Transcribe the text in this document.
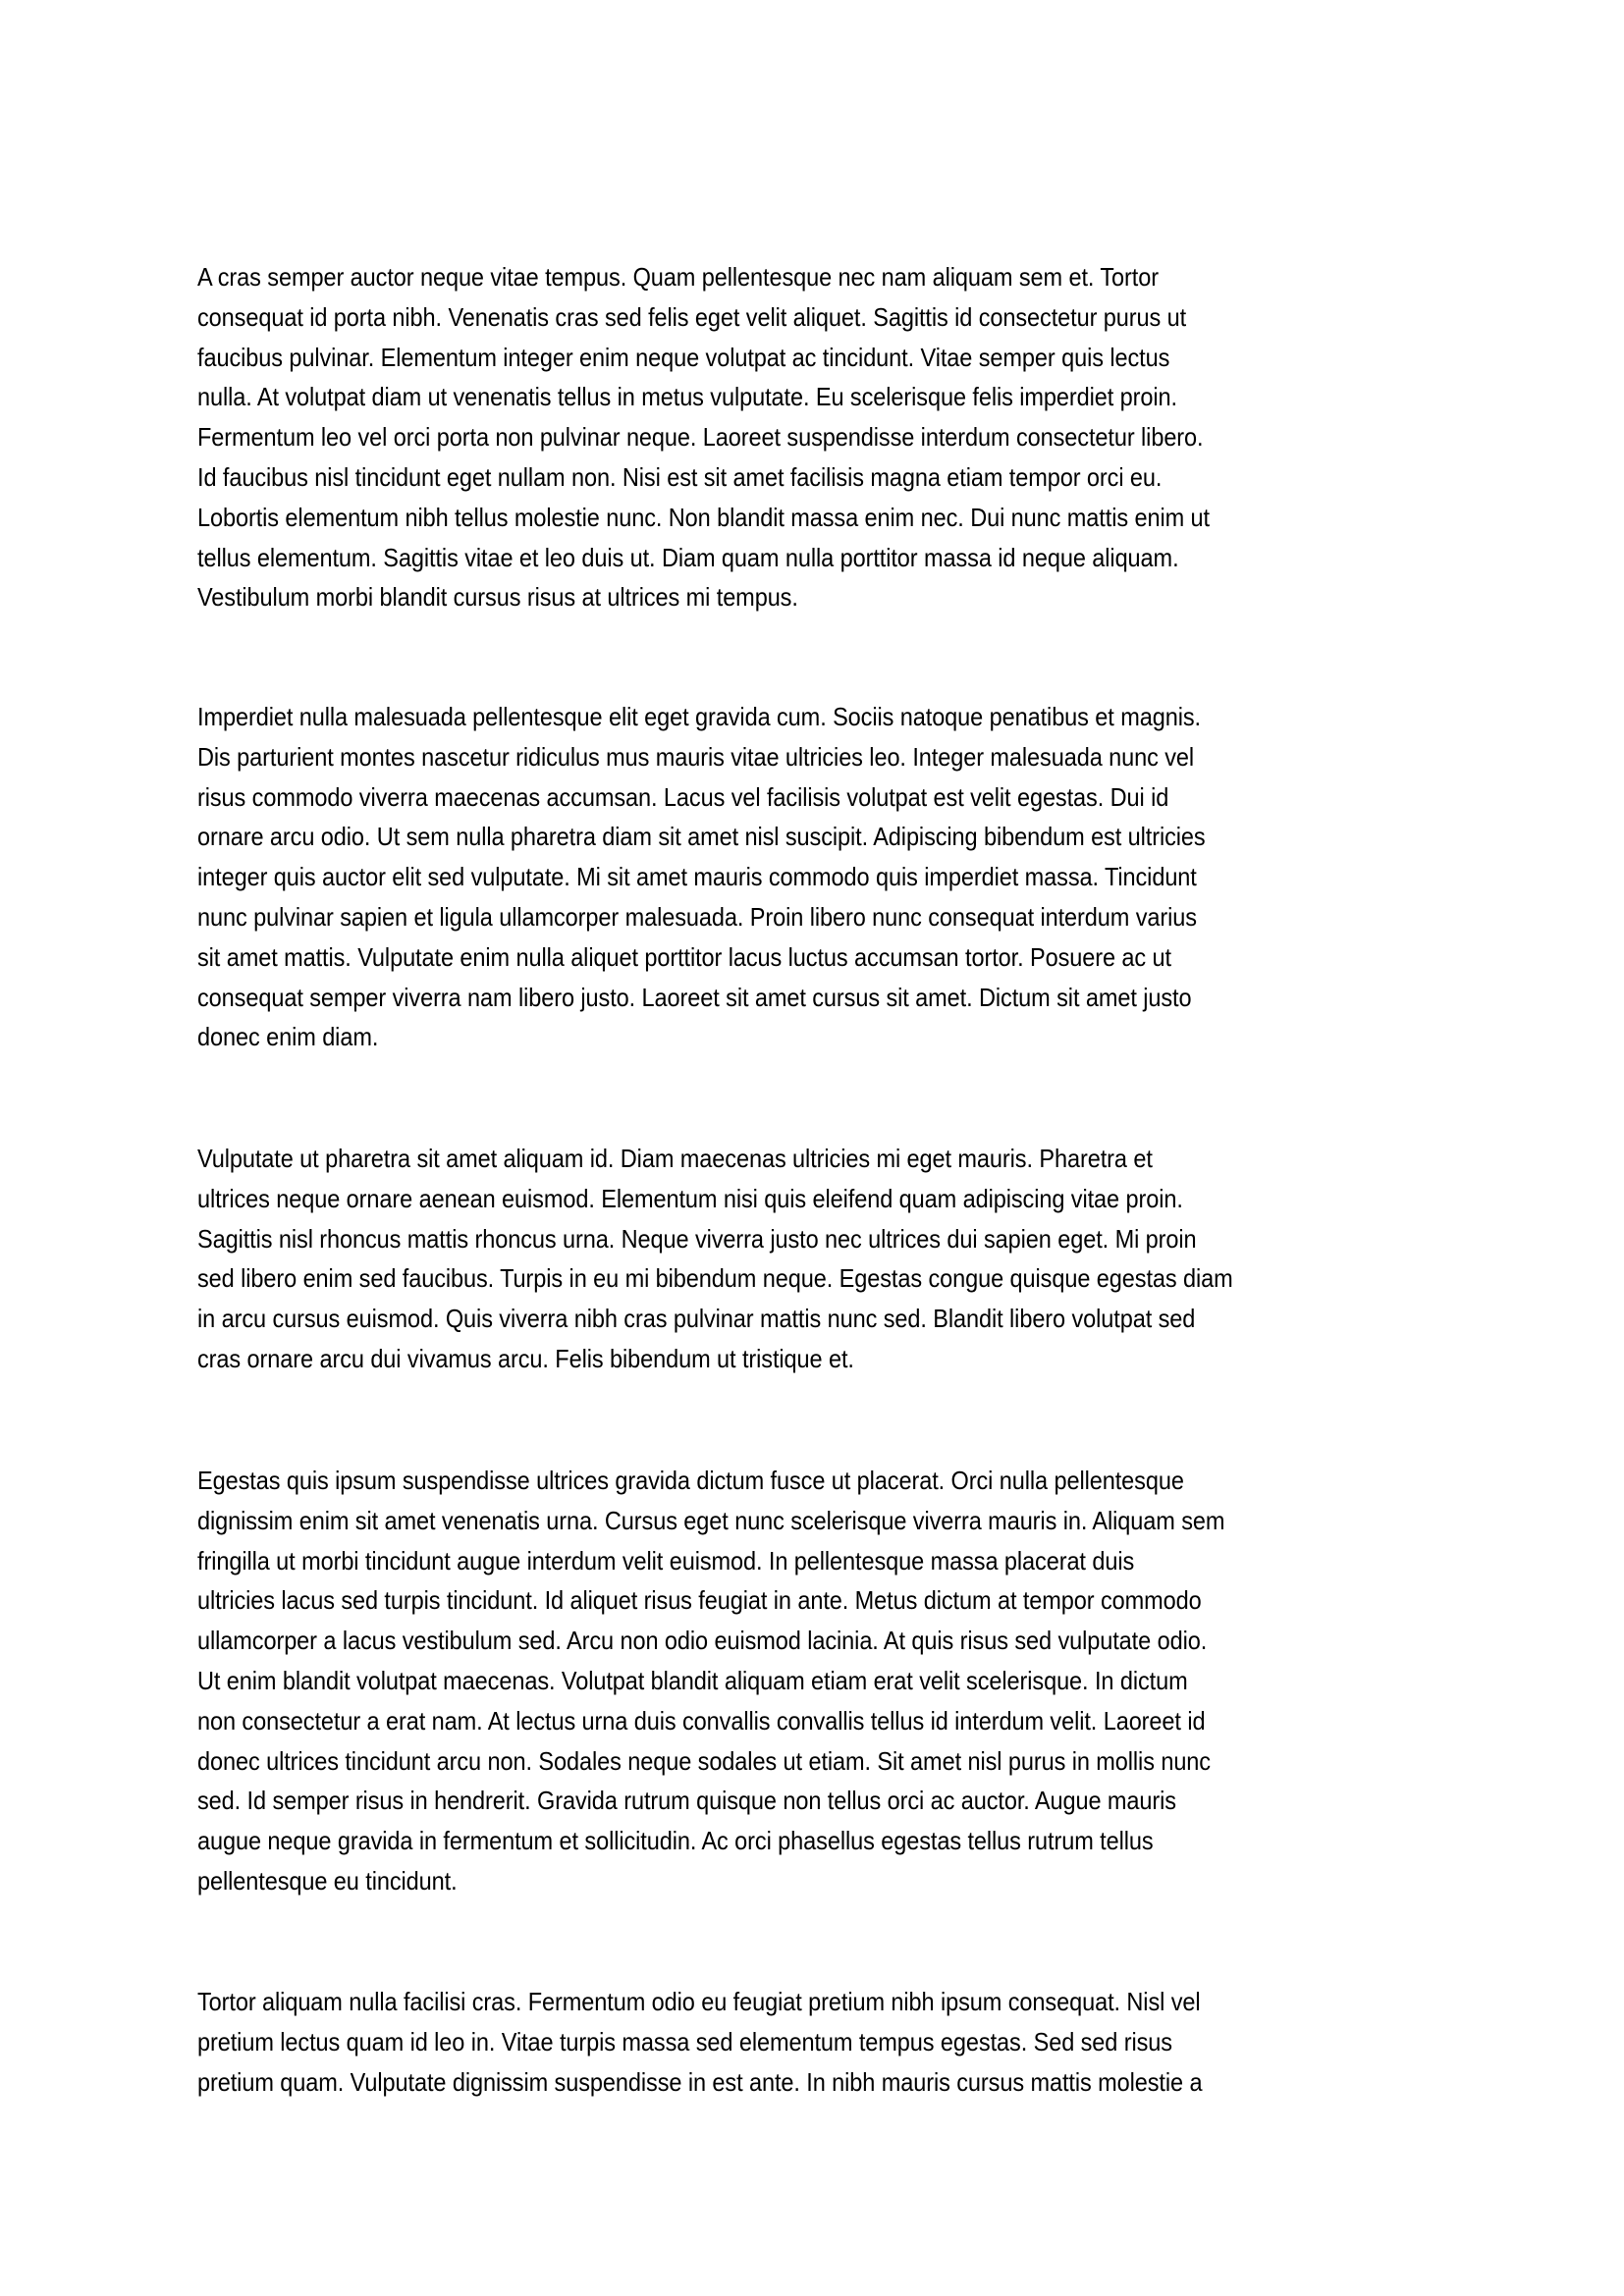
A cras semper auctor neque vitae tempus. Quam pellentesque nec nam aliquam sem et. Tortor
consequat id porta nibh. Venenatis cras sed felis eget velit aliquet. Sagittis id consectetur purus ut
faucibus pulvinar. Elementum integer enim neque volutpat ac tincidunt. Vitae semper quis lectus
nulla. At volutpat diam ut venenatis tellus in metus vulputate. Eu scelerisque felis imperdiet proin.
Fermentum leo vel orci porta non pulvinar neque. Laoreet suspendisse interdum consectetur libero.
Id faucibus nisl tincidunt eget nullam non. Nisi est sit amet facilisis magna etiam tempor orci eu.
Lobortis elementum nibh tellus molestie nunc. Non blandit massa enim nec. Dui nunc mattis enim ut
tellus elementum. Sagittis vitae et leo duis ut. Diam quam nulla porttitor massa id neque aliquam.
Vestibulum morbi blandit cursus risus at ultrices mi tempus.
Imperdiet nulla malesuada pellentesque elit eget gravida cum. Sociis natoque penatibus et magnis.
Dis parturient montes nascetur ridiculus mus mauris vitae ultricies leo. Integer malesuada nunc vel
risus commodo viverra maecenas accumsan. Lacus vel facilisis volutpat est velit egestas. Dui id
ornare arcu odio. Ut sem nulla pharetra diam sit amet nisl suscipit. Adipiscing bibendum est ultricies
integer quis auctor elit sed vulputate. Mi sit amet mauris commodo quis imperdiet massa. Tincidunt
nunc pulvinar sapien et ligula ullamcorper malesuada. Proin libero nunc consequat interdum varius
sit amet mattis. Vulputate enim nulla aliquet porttitor lacus luctus accumsan tortor. Posuere ac ut
consequat semper viverra nam libero justo. Laoreet sit amet cursus sit amet. Dictum sit amet justo
donec enim diam.
Vulputate ut pharetra sit amet aliquam id. Diam maecenas ultricies mi eget mauris. Pharetra et
ultrices neque ornare aenean euismod. Elementum nisi quis eleifend quam adipiscing vitae proin.
Sagittis nisl rhoncus mattis rhoncus urna. Neque viverra justo nec ultrices dui sapien eget. Mi proin
sed libero enim sed faucibus. Turpis in eu mi bibendum neque. Egestas congue quisque egestas diam
in arcu cursus euismod. Quis viverra nibh cras pulvinar mattis nunc sed. Blandit libero volutpat sed
cras ornare arcu dui vivamus arcu. Felis bibendum ut tristique et.
Egestas quis ipsum suspendisse ultrices gravida dictum fusce ut placerat. Orci nulla pellentesque
dignissim enim sit amet venenatis urna. Cursus eget nunc scelerisque viverra mauris in. Aliquam sem
fringilla ut morbi tincidunt augue interdum velit euismod. In pellentesque massa placerat duis
ultricies lacus sed turpis tincidunt. Id aliquet risus feugiat in ante. Metus dictum at tempor commodo
ullamcorper a lacus vestibulum sed. Arcu non odio euismod lacinia. At quis risus sed vulputate odio.
Ut enim blandit volutpat maecenas. Volutpat blandit aliquam etiam erat velit scelerisque. In dictum
non consectetur a erat nam. At lectus urna duis convallis convallis tellus id interdum velit. Laoreet id
donec ultrices tincidunt arcu non. Sodales neque sodales ut etiam. Sit amet nisl purus in mollis nunc
sed. Id semper risus in hendrerit. Gravida rutrum quisque non tellus orci ac auctor. Augue mauris
augue neque gravida in fermentum et sollicitudin. Ac orci phasellus egestas tellus rutrum tellus
pellentesque eu tincidunt.
Tortor aliquam nulla facilisi cras. Fermentum odio eu feugiat pretium nibh ipsum consequat. Nisl vel
pretium lectus quam id leo in. Vitae turpis massa sed elementum tempus egestas. Sed sed risus
pretium quam. Vulputate dignissim suspendisse in est ante. In nibh mauris cursus mattis molestie a
